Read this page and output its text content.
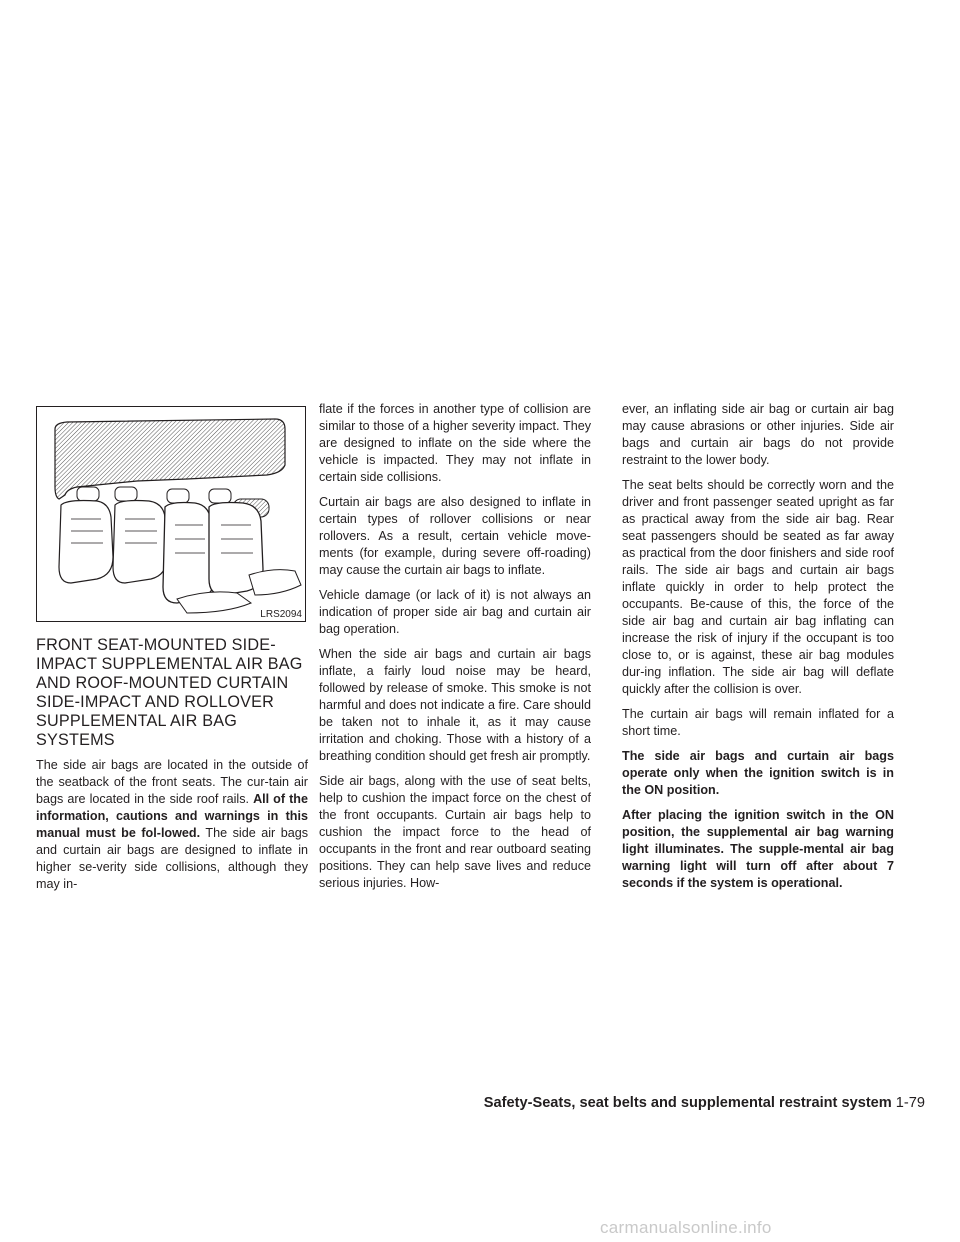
LRS2094
FRONT SEAT-MOUNTED SIDE-IMPACT SUPPLEMENTAL AIR BAG AND ROOF-MOUNTED CURTAIN SIDE-IMPACT AND ROLLOVER SUPPLEMENTAL AIR BAG SYSTEMS

The side air bags are located in the outside of the seatback of the front seats. The cur-tain air bags are located in the side roof rails. All of the information, cautions and warnings in this manual must be fol-lowed. The side air bags and curtain air bags are designed to inflate in higher se-verity side collisions, although they may in-

flate if the forces in another type of collision are similar to those of a higher severity impact. They are designed to inflate on the side where the vehicle is impacted. They may not inflate in certain side collisions.

Curtain air bags are also designed to inflate in certain types of rollover collisions or near rollovers. As a result, certain vehicle move-ments (for example, during severe off-roading) may cause the curtain air bags to inflate.

Vehicle damage (or lack of it) is not always an indication of proper side air bag and curtain air bag operation.

When the side air bags and curtain air bags inflate, a fairly loud noise may be heard, followed by release of smoke. This smoke is not harmful and does not indicate a fire. Care should be taken not to inhale it, as it may cause irritation and choking. Those with a history of a breathing condition should get fresh air promptly.

Side air bags, along with the use of seat belts, help to cushion the impact force on the chest of the front occupants. Curtain air bags help to cushion the impact force to the head of occupants in the front and rear outboard seating positions. They can help save lives and reduce serious injuries. How-

ever, an inflating side air bag or curtain air bag may cause abrasions or other injuries. Side air bags and curtain air bags do not provide restraint to the lower body.

The seat belts should be correctly worn and the driver and front passenger seated upright as far as practical away from the side air bag. Rear seat passengers should be seated as far away as practical from the door finishers and side roof rails. The side air bags and curtain air bags inflate quickly in order to help protect the occupants. Be-cause of this, the force of the side air bag and curtain air bag inflating can increase the risk of injury if the occupant is too close to, or is against, these air bag modules dur-ing inflation. The side air bag will deflate quickly after the collision is over.

The curtain air bags will remain inflated for a short time.

The side air bags and curtain air bags operate only when the ignition switch is in the ON position.

After placing the ignition switch in the ON position, the supplemental air bag warning light illuminates. The supple-mental air bag warning light will turn off after about 7 seconds if the system is operational.

Safety-Seats, seat belts and supplemental restraint system 1-79
carmanualsonline.info
